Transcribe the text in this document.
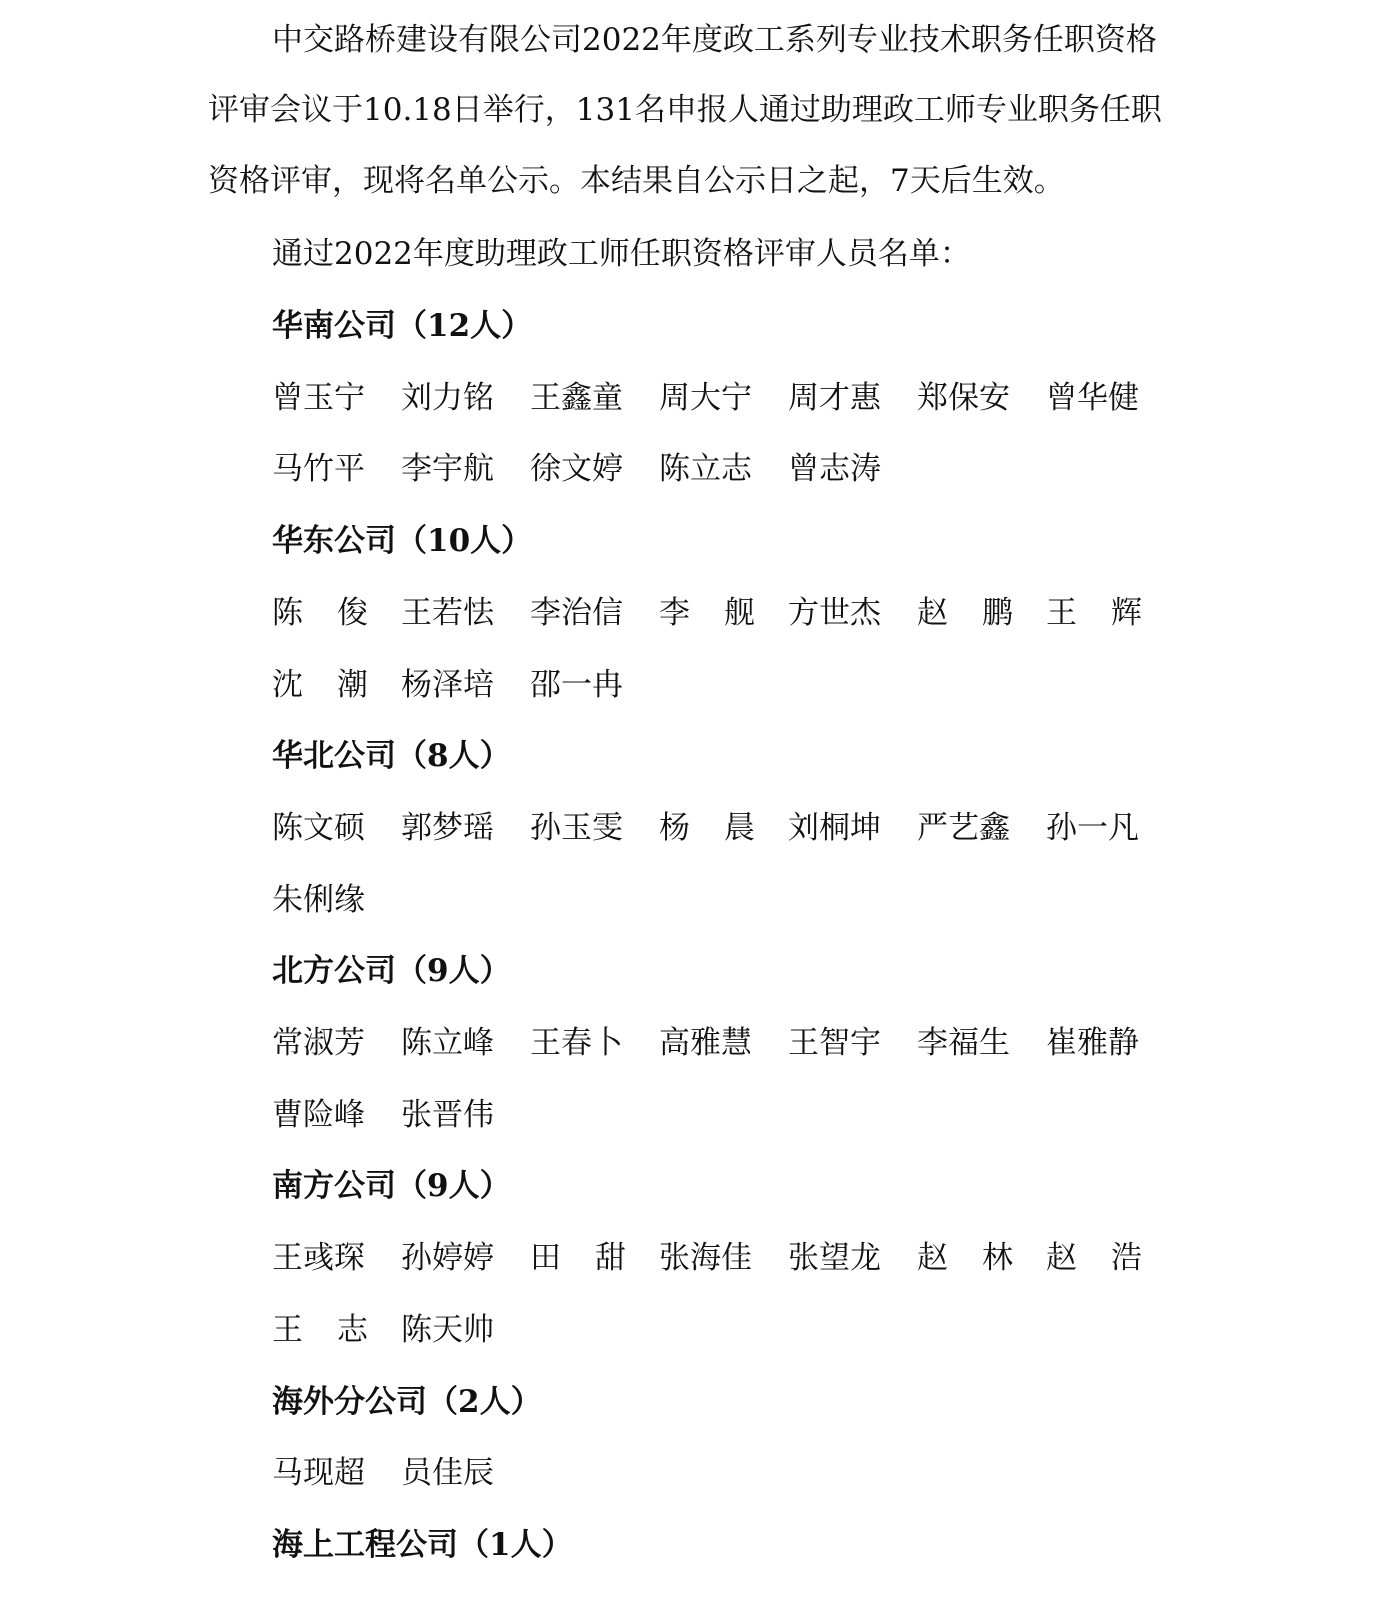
中交路桥建设有限公司2022年度政工系列专业技术职务任职资格
评审会议于10.18日举行，131名申报人通过助理政工师专业职务任职
资格评审，现将名单公示。本结果自公示日之起，7天后生效。
通过2022年度助理政工师任职资格评审人员名单：
华南公司（12人）
曾玉宁 刘力铭 王鑫童 周大宁 周才惠 郑保安 曾华健
马竹平 李宇航 徐文婷 陈立志 曾志涛
华东公司（10人）
陈 俊 王若怯 李治信 李 舰 方世杰 赵 鹏 王 辉
沈 潮 杨泽培 邵一冉
华北公司（8人）
陈文硕 郭梦瑶 孙玉雯 杨 晨 刘桐坤 严艺鑫 孙一凡
朱俐缘
北方公司（9人）
常淑芳 陈立峰 王春卜 高雅慧 王智宇 李福生 崔雅静
曹险峰 张晋伟
南方公司（9人）
王彧琛 孙婷婷 田 甜 张海佳 张望龙 赵 林 赵 浩
王 志 陈天帅
海外分公司（2人）
马现超 员佳辰
海上工程公司（1人）
